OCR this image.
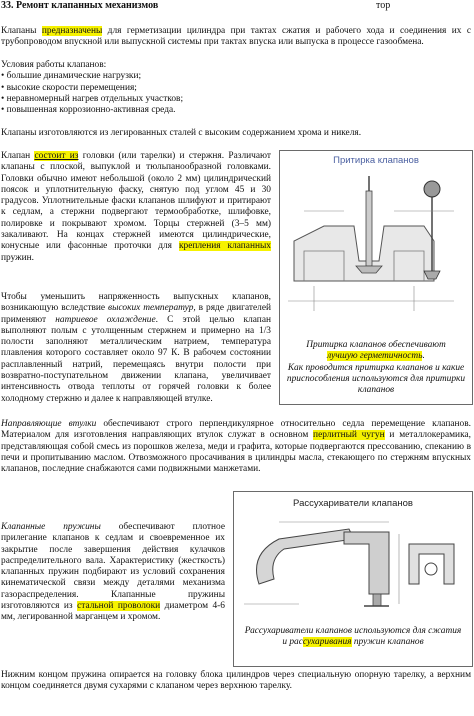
33. Ремонт клапанных механизмов	тор

Клапаны предназначены для герметизации цилиндра при тактах сжатия и рабочего хода и соединения их с трубопроводом впускной или выпускной системы при тактах впуска или выпуска в процессе газообмена.

Условия работы клапанов:
• большие динамические нагрузки;
• высокие скорости перемещения;
• неравномерный нагрев отдельных участков;
• повышенная коррозионно-активная среда.

Клапаны изготовляются из легированных сталей с высоким содержанием хрома и никеля.

Клапан состоит из головки (или тарелки) и стержня. Различают клапаны с плоской, выпуклой и тюльпанообразной головками. Головки обычно имеют небольшой (около 2 мм) цилиндрический поясок и уплотнительную фаску, снятую под углом 45 и 30 градусов. Уплотнительные фаски клапанов шлифуют и притирают к седлам, а стержни подвергают термообработке, шлифовке, полировке и покрывают хромом. Торцы стержней (3–5 мм) закаливают. На концах стержней имеются цилиндрические, конусные или фасонные проточки для крепления клапанных пружин.

Чтобы уменьшить напряженность выпускных клапанов, возникающую вследствие высоких температур, в ряде двигателей применяют натриевое охлаждение. С этой целью клапан выполняют полым с утолщенным стержнем и примерно на 1/3 полости заполняют металлическим натрием, температура плавления которого составляет около 97 К. В рабочем состоянии расплавленный натрий, перемещаясь внутри полости при возвратно-поступательном движении клапана, увеличивает интенсивность отвода теплоты от горячей головки к более холодному стержню и далее к направляющей втулке.

Притирка клапанов
Притирка клапанов обеспечивают
лучшую герметичность.
Как проводится притирка клапанов и какие приспособления используются для притирки клапанов

Направляющие втулки обеспечивают строго перпендикулярное относительно седла перемещение клапанов. Материалом для изготовления направляющих втулок служат в основном перлитный чугун и металлокерамика, представляющая собой смесь из порошков железа, меди и графита, которые подвергаются прессованию, спеканию в печи и пропитыванию маслом. Отвозможного просачивания в цилиндры масла, стекающего по стержням впускных клапанов, последние снабжаются сами подвижными манжетами.

Клапанные пружины обеспечивают плотное прилегание клапанов к седлам и своевременное их закрытие после завершения действия кулачков распределительного вала. Характеристику (жесткость) клапанных пружин подбирают из условий сохранения кинематической связи между деталями механизма газораспределения. Клапанные пружины изготовляются из стальной проволоки диаметром 4-6 мм, легированной марганцем и хромом.

Рассухариватели клапанов
Рассухариватели клапанов используются для сжатия
и рассухаривания пружин клапанов

Нижним концом пружина опирается на головку блока цилиндров через специальную опорную тарелку, а верхним концом соединяется двумя сухарями с клапаном через верхнюю тарелку.
